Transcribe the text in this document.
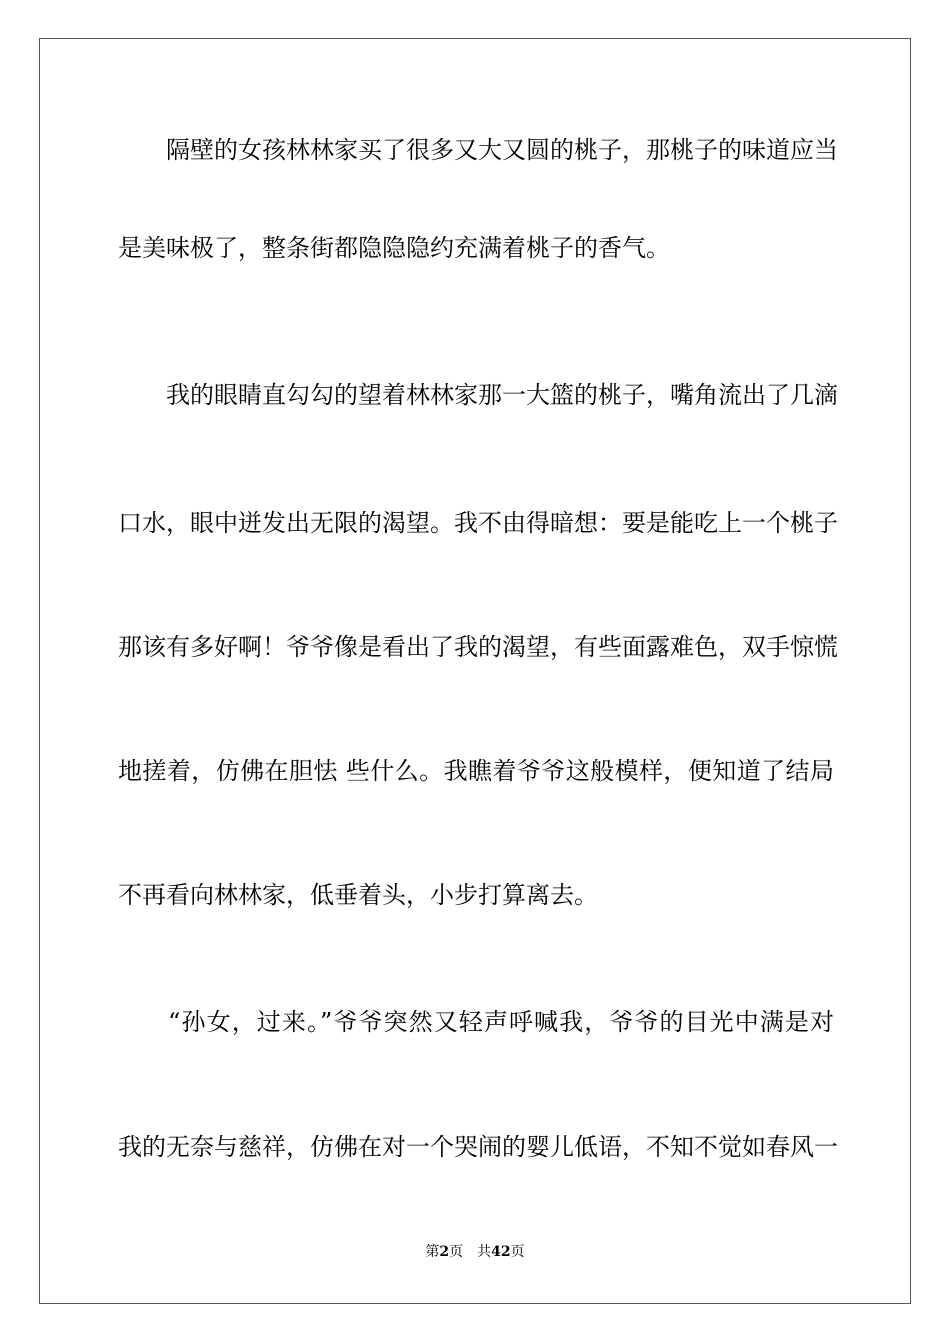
　　隔壁的女孩林林家买了很多又大又圆的桃子，那桃子的味道应当
是美味极了，整条街都隐隐隐约充满着桃子的香气。
　　我的眼睛直勾勾的望着林林家那一大篮的桃子，嘴角流出了几滴
口水，眼中迸发出无限的渴望。我不由得暗想：要是能吃上一个桃子
那该有多好啊！爷爷像是看出了我的渴望，有些面露难色，双手惊慌
地搓着，仿佛在胆怯 些什么。我瞧着爷爷这般模样，便知道了结局
不再看向林林家，低垂着头，小步打算离去。
　　“孙女，过来。”爷爷突然又轻声呼喊我，爷爷的目光中满是对
我的无奈与慈祥，仿佛在对一个哭闹的婴儿低语，不知不觉如春风一
第2页 共42页
